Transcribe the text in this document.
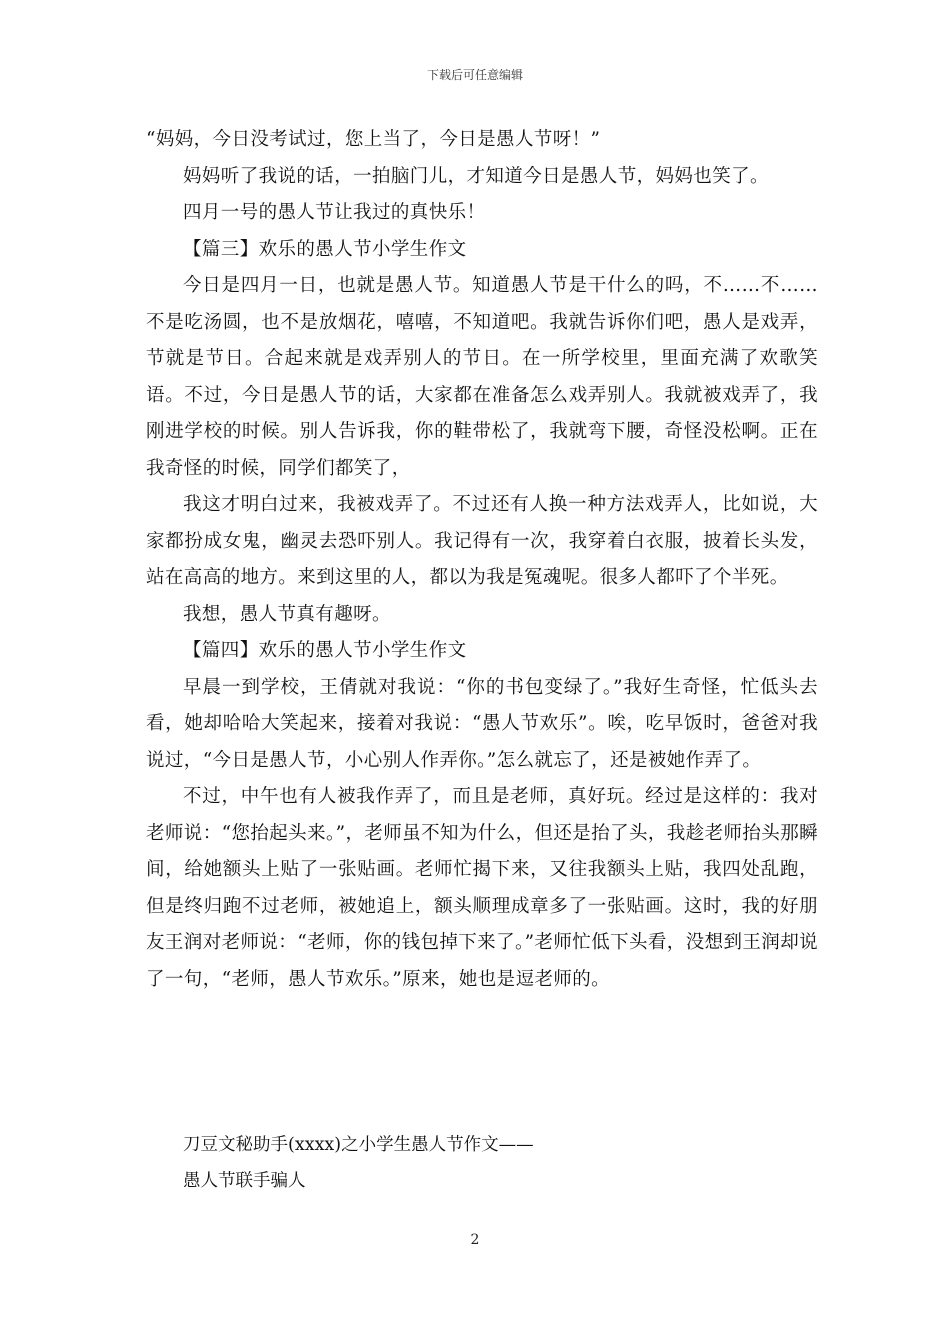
下载后可任意编辑

“妈妈，今日没考试过，您上当了，今日是愚人节呀！”

妈妈听了我说的话，一拍脑门儿，才知道今日是愚人节，妈妈也笑了。

四月一号的愚人节让我过的真快乐！

【篇三】欢乐的愚人节小学生作文

今日是四月一日，也就是愚人节。知道愚人节是干什么的吗，不……不……不是吃汤圆，也不是放烟花，嘻嘻，不知道吧。我就告诉你们吧，愚人是戏弄，节就是节日。合起来就是戏弄别人的节日。在一所学校里，里面充满了欢歌笑语。不过，今日是愚人节的话，大家都在准备怎么戏弄别人。我就被戏弄了，我刚进学校的时候。别人告诉我，你的鞋带松了，我就弯下腰，奇怪没松啊。正在我奇怪的时候，同学们都笑了，

我这才明白过来，我被戏弄了。不过还有人换一种方法戏弄人，比如说，大家都扮成女鬼，幽灵去恐吓别人。我记得有一次，我穿着白衣服，披着长头发，站在高高的地方。来到这里的人，都以为我是冤魂呢。很多人都吓了个半死。

我想，愚人节真有趣呀。

【篇四】欢乐的愚人节小学生作文

早晨一到学校，王倩就对我说：“你的书包变绿了。”我好生奇怪，忙低头去看，她却哈哈大笑起来，接着对我说：“愚人节欢乐”。唉，吃早饭时，爸爸对我说过，“今日是愚人节，小心别人作弄你。”怎么就忘了，还是被她作弄了。

不过，中午也有人被我作弄了，而且是老师，真好玩。经过是这样的：我对老师说：“您抬起头来。”，老师虽不知为什么，但还是抬了头，我趁老师抬头那瞬间，给她额头上贴了一张贴画。老师忙揭下来，又往我额头上贴，我四处乱跑，但是终归跑不过老师，被她追上，额头顺理成章多了一张贴画。这时，我的好朋友王润对老师说：“老师，你的钱包掉下来了。”老师忙低下头看，没想到王润却说了一句，“老师，愚人节欢乐。”原来，她也是逗老师的。

刀豆文秘助手(xxxx)之小学生愚人节作文——

愚人节联手骗人

2
